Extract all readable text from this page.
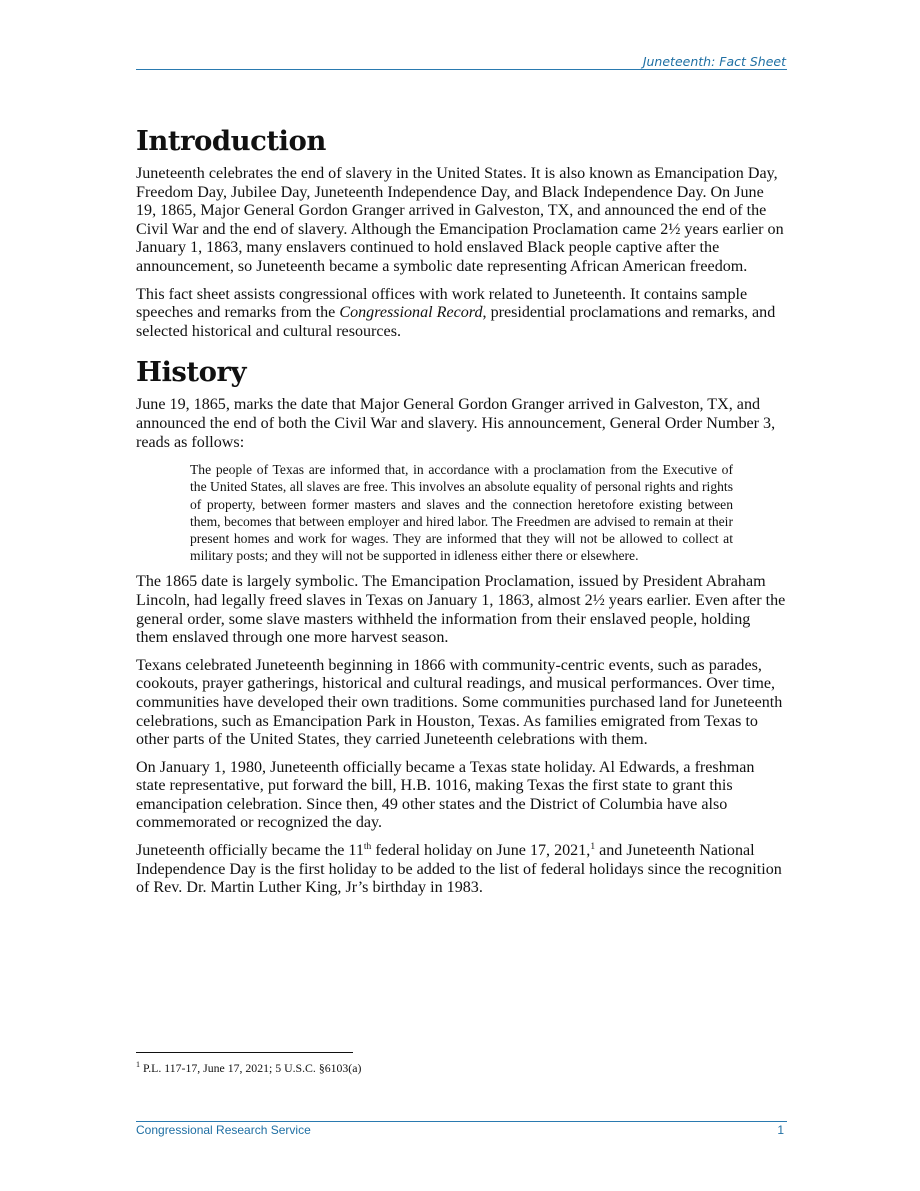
Juneteenth: Fact Sheet
Introduction

Juneteenth celebrates the end of slavery in the United States. It is also known as Emancipation Day, Freedom Day, Jubilee Day, Juneteenth Independence Day, and Black Independence Day. On June 19, 1865, Major General Gordon Granger arrived in Galveston, TX, and announced the end of the Civil War and the end of slavery. Although the Emancipation Proclamation came 2½ years earlier on January 1, 1863, many enslavers continued to hold enslaved Black people captive after the announcement, so Juneteenth became a symbolic date representing African American freedom.

This fact sheet assists congressional offices with work related to Juneteenth. It contains sample speeches and remarks from the Congressional Record, presidential proclamations and remarks, and selected historical and cultural resources.

History

June 19, 1865, marks the date that Major General Gordon Granger arrived in Galveston, TX, and announced the end of both the Civil War and slavery. His announcement, General Order Number 3, reads as follows:

The people of Texas are informed that, in accordance with a proclamation from the Executive of the United States, all slaves are free. This involves an absolute equality of personal rights and rights of property, between former masters and slaves and the connection heretofore existing between them, becomes that between employer and hired labor. The Freedmen are advised to remain at their present homes and work for wages. They are informed that they will not be allowed to collect at military posts; and they will not be supported in idleness either there or elsewhere.

The 1865 date is largely symbolic. The Emancipation Proclamation, issued by President Abraham Lincoln, had legally freed slaves in Texas on January 1, 1863, almost 2½ years earlier. Even after the general order, some slave masters withheld the information from their enslaved people, holding them enslaved through one more harvest season.

Texans celebrated Juneteenth beginning in 1866 with community-centric events, such as parades, cookouts, prayer gatherings, historical and cultural readings, and musical performances. Over time, communities have developed their own traditions. Some communities purchased land for Juneteenth celebrations, such as Emancipation Park in Houston, Texas. As families emigrated from Texas to other parts of the United States, they carried Juneteenth celebrations with them.

On January 1, 1980, Juneteenth officially became a Texas state holiday. Al Edwards, a freshman state representative, put forward the bill, H.B. 1016, making Texas the first state to grant this emancipation celebration. Since then, 49 other states and the District of Columbia have also commemorated or recognized the day.

Juneteenth officially became the 11th federal holiday on June 17, 2021,$^1$ and Juneteenth National Independence Day is the first holiday to be added to the list of federal holidays since the recognition of Rev. Dr. Martin Luther King, Jr’s birthday in 1983.

$^1$ P.L. 117-17, June 17, 2021; 5 U.S.C. §6103(a)

Congressional Research Service	1
